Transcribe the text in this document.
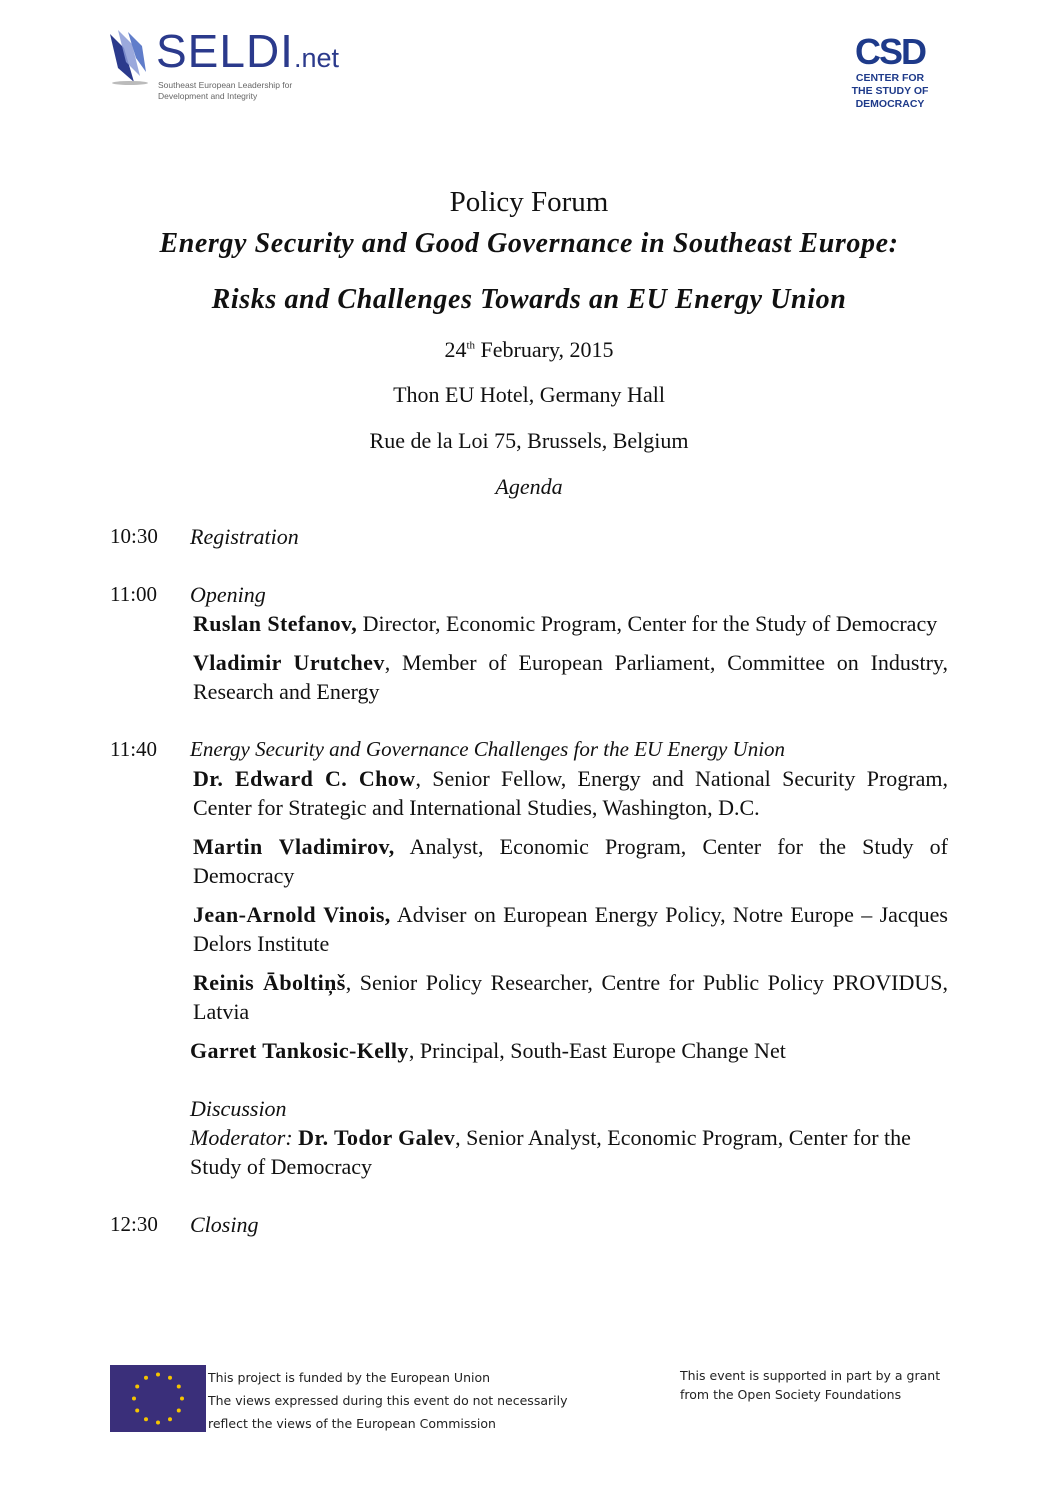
SELDI.net
Southeast European Leadership for
Development and Integrity
CSD
CENTER FOR
THE STUDY OF
DEMOCRACY
Policy Forum
Energy Security and Good Governance in Southeast Europe:
Risks and Challenges Towards an EU Energy Union
24th February, 2015
Thon EU Hotel, Germany Hall
Rue de la Loi 75, Brussels, Belgium
Agenda
10:30 Registration
11:00 Opening
Ruslan Stefanov, Director, Economic Program, Center for the Study of Democracy
Vladimir Urutchev, Member of European Parliament, Committee on Industry, Research and Energy
11:40 Energy Security and Governance Challenges for the EU Energy Union
Dr. Edward C. Chow, Senior Fellow, Energy and National Security Program, Center for Strategic and International Studies, Washington, D.C.
Martin Vladimirov, Analyst, Economic Program, Center for the Study of Democracy
Jean-Arnold Vinois, Adviser on European Energy Policy, Notre Europe – Jacques Delors Institute
Reinis Āboltiņš, Senior Policy Researcher, Centre for Public Policy PROVIDUS, Latvia
Garret Tankosic-Kelly, Principal, South-East Europe Change Net
Discussion
Moderator: Dr. Todor Galev, Senior Analyst, Economic Program, Center for the Study of Democracy
12:30 Closing
This project is funded by the European Union
The views expressed during this event do not necessarily
reflect the views of the European Commission
This event is supported in part by a grant
from the Open Society Foundations
